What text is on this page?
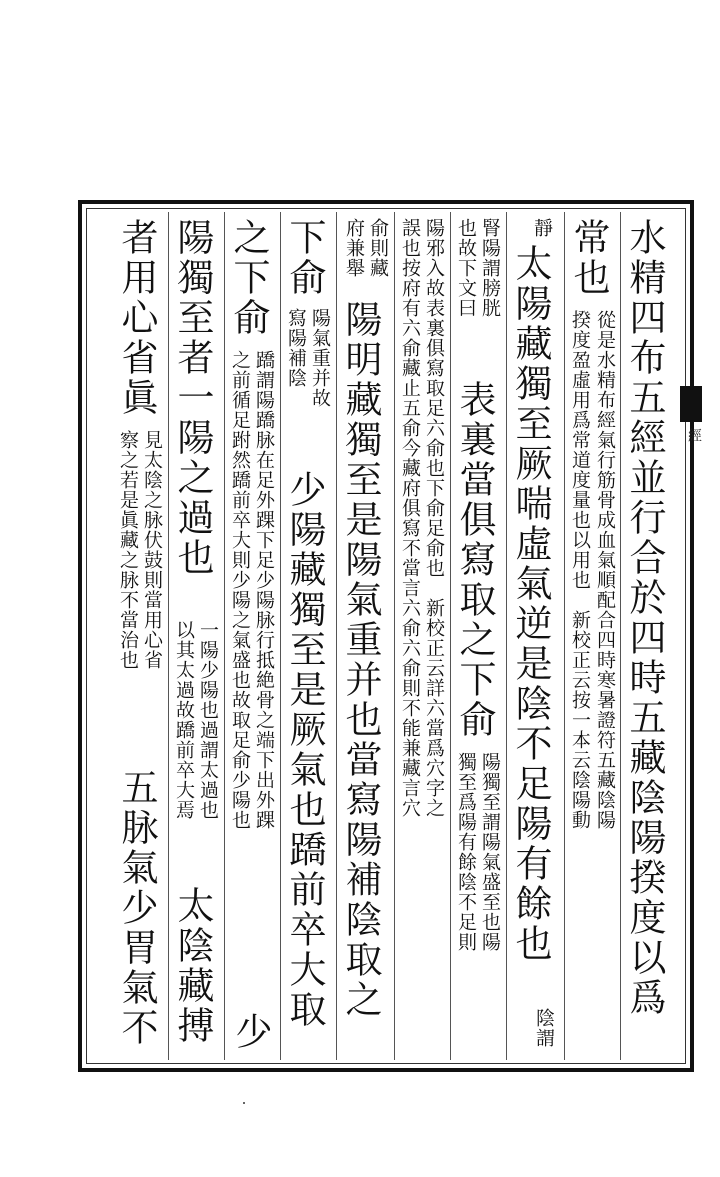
經
水精四布五經並行合於四時五藏陰陽揆度以爲
常也
從是水精布經氣行筋骨成血氣順配合四時寒暑證符五藏陰陽
揆度盈虛用爲常道度量也以用也　新校正云按一本云陰陽動
靜
太陽藏獨至厥喘虛氣逆是陰不足陽有餘也
陰謂
腎陽謂膀胱
也故下文曰
表裏當俱寫取之下俞
陽獨至謂陽氣盛至也陽
獨至爲陽有餘陰不足則
陽邪入故表裏俱寫取足六俞也下俞足俞也　新校正云詳六當爲穴字之
誤也按府有六俞藏止五俞今藏府俱寫不當言六俞六俞則不能兼藏言穴
俞則藏
府兼舉
陽明藏獨至是陽氣重并也當寫陽補陰取之
下俞
陽氣重并故
寫陽補陰
少陽藏獨至是厥氣也蹻前卒大取
之下俞
蹻謂陽蹻脉在足外踝下足少陽脉行抵絶骨之端下出外踝
之前循足跗然蹻前卒大則少陽之氣盛也故取足俞少陽也
少
陽獨至者一陽之過也
一陽少陽也過謂太過也
以其太過故蹻前卒大焉
太陰藏搏
者用心省眞
見太陰之脉伏鼓則當用心省
察之若是眞藏之脉不當治也
五脉氣少胃氣不
